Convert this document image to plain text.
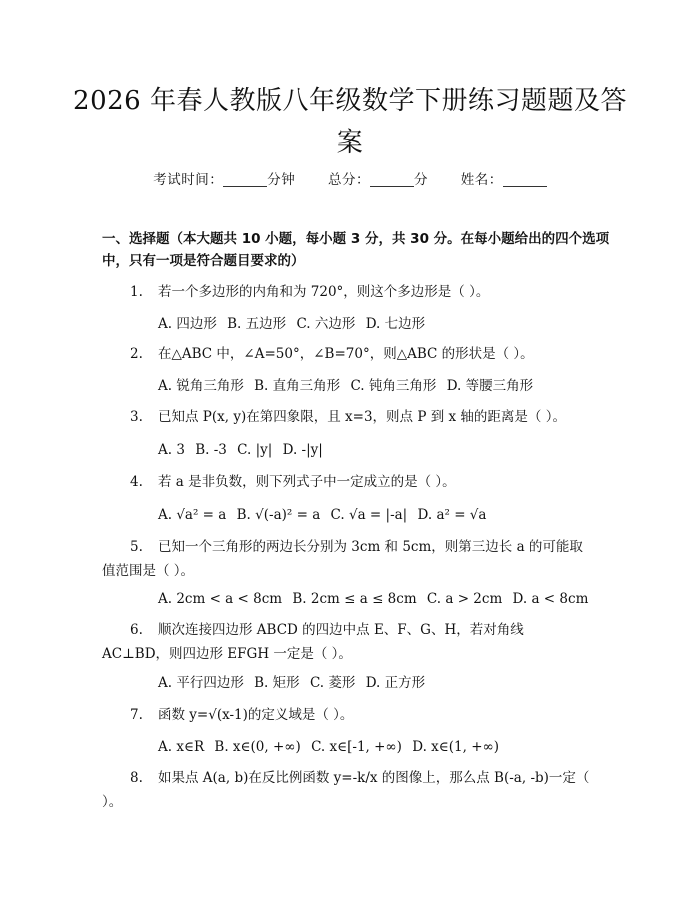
2026 年春人教版八年级数学下册练习题题及答案
考试时间：	分钟 总分：	分 姓名：
一、选择题（本大题共 10 小题，每小题 3 分，共 30 分。在每小题给出的四个选项中，只有一项是符合题目要求的）
1. 若一个多边形的内角和为 720°，则这个多边形是（ ）。
A. 四边形 B. 五边形 C. 六边形 D. 七边形
2. 在△ABC 中，∠A=50°，∠B=70°，则△ABC 的形状是（ ）。
A. 锐角三角形 B. 直角三角形 C. 钝角三角形 D. 等腰三角形
3. 已知点 P(x, y)在第四象限，且 x=3，则点 P 到 x 轴的距离是（ ）。
A. 3 B. -3 C. |y| D. -|y|
4. 若 a 是非负数，则下列式子中一定成立的是（ ）。
A. √a² = a B. √(-a)² = a C. √a = |-a| D. a² = √a
5. 已知一个三角形的两边长分别为 3cm 和 5cm，则第三边长 a 的可能取值范围是（ ）。
A. 2cm < a < 8cm B. 2cm ≤ a ≤ 8cm C. a > 2cm D. a < 8cm
6. 顺次连接四边形 ABCD 的四边中点 E、F、G、H，若对角线 AC⊥BD，则四边形 EFGH 一定是（ ）。
A. 平行四边形 B. 矩形 C. 菱形 D. 正方形
7. 函数 y=√(x-1)的定义域是（ ）。
A. x∈R B. x∈(0, +∞) C. x∈[-1, +∞) D. x∈(1, +∞)
8. 如果点 A(a, b)在反比例函数 y=-k/x 的图像上，那么点 B(-a, -b)一定（ ）。
